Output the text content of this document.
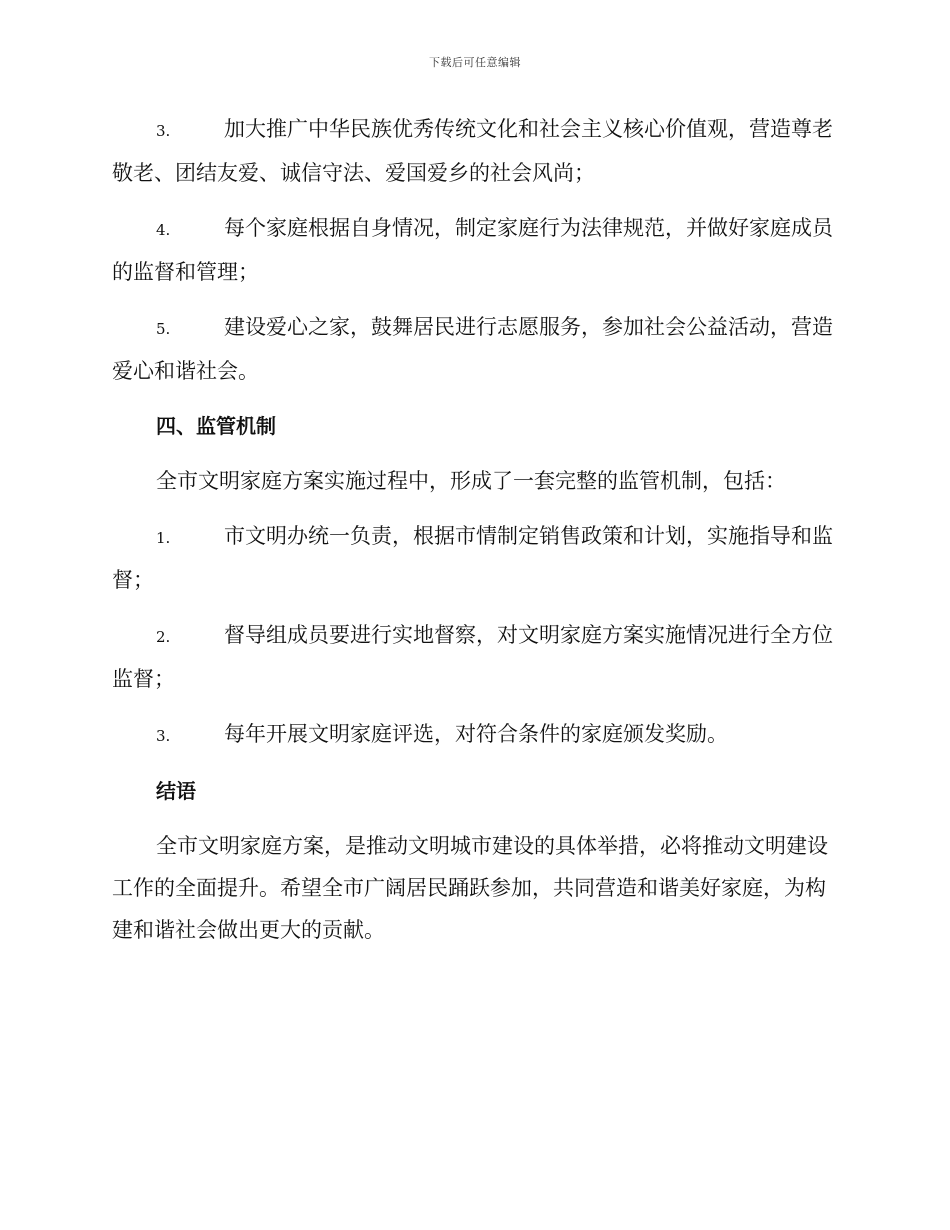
下载后可任意编辑

3.	加大推广中华民族优秀传统文化和社会主义核心价值观，营造尊老敬老、团结友爱、诚信守法、爱国爱乡的社会风尚；

4.	每个家庭根据自身情况，制定家庭行为法律规范，并做好家庭成员的监督和管理；

5.	建设爱心之家，鼓舞居民进行志愿服务，参加社会公益活动，营造爱心和谐社会。

四、监管机制

全市文明家庭方案实施过程中，形成了一套完整的监管机制，包括：

1.	市文明办统一负责，根据市情制定销售政策和计划，实施指导和监督；

2.	督导组成员要进行实地督察，对文明家庭方案实施情况进行全方位监督；

3.	每年开展文明家庭评选，对符合条件的家庭颁发奖励。

结语

全市文明家庭方案，是推动文明城市建设的具体举措，必将推动文明建设工作的全面提升。希望全市广阔居民踊跃参加，共同营造和谐美好家庭，为构建和谐社会做出更大的贡献。
